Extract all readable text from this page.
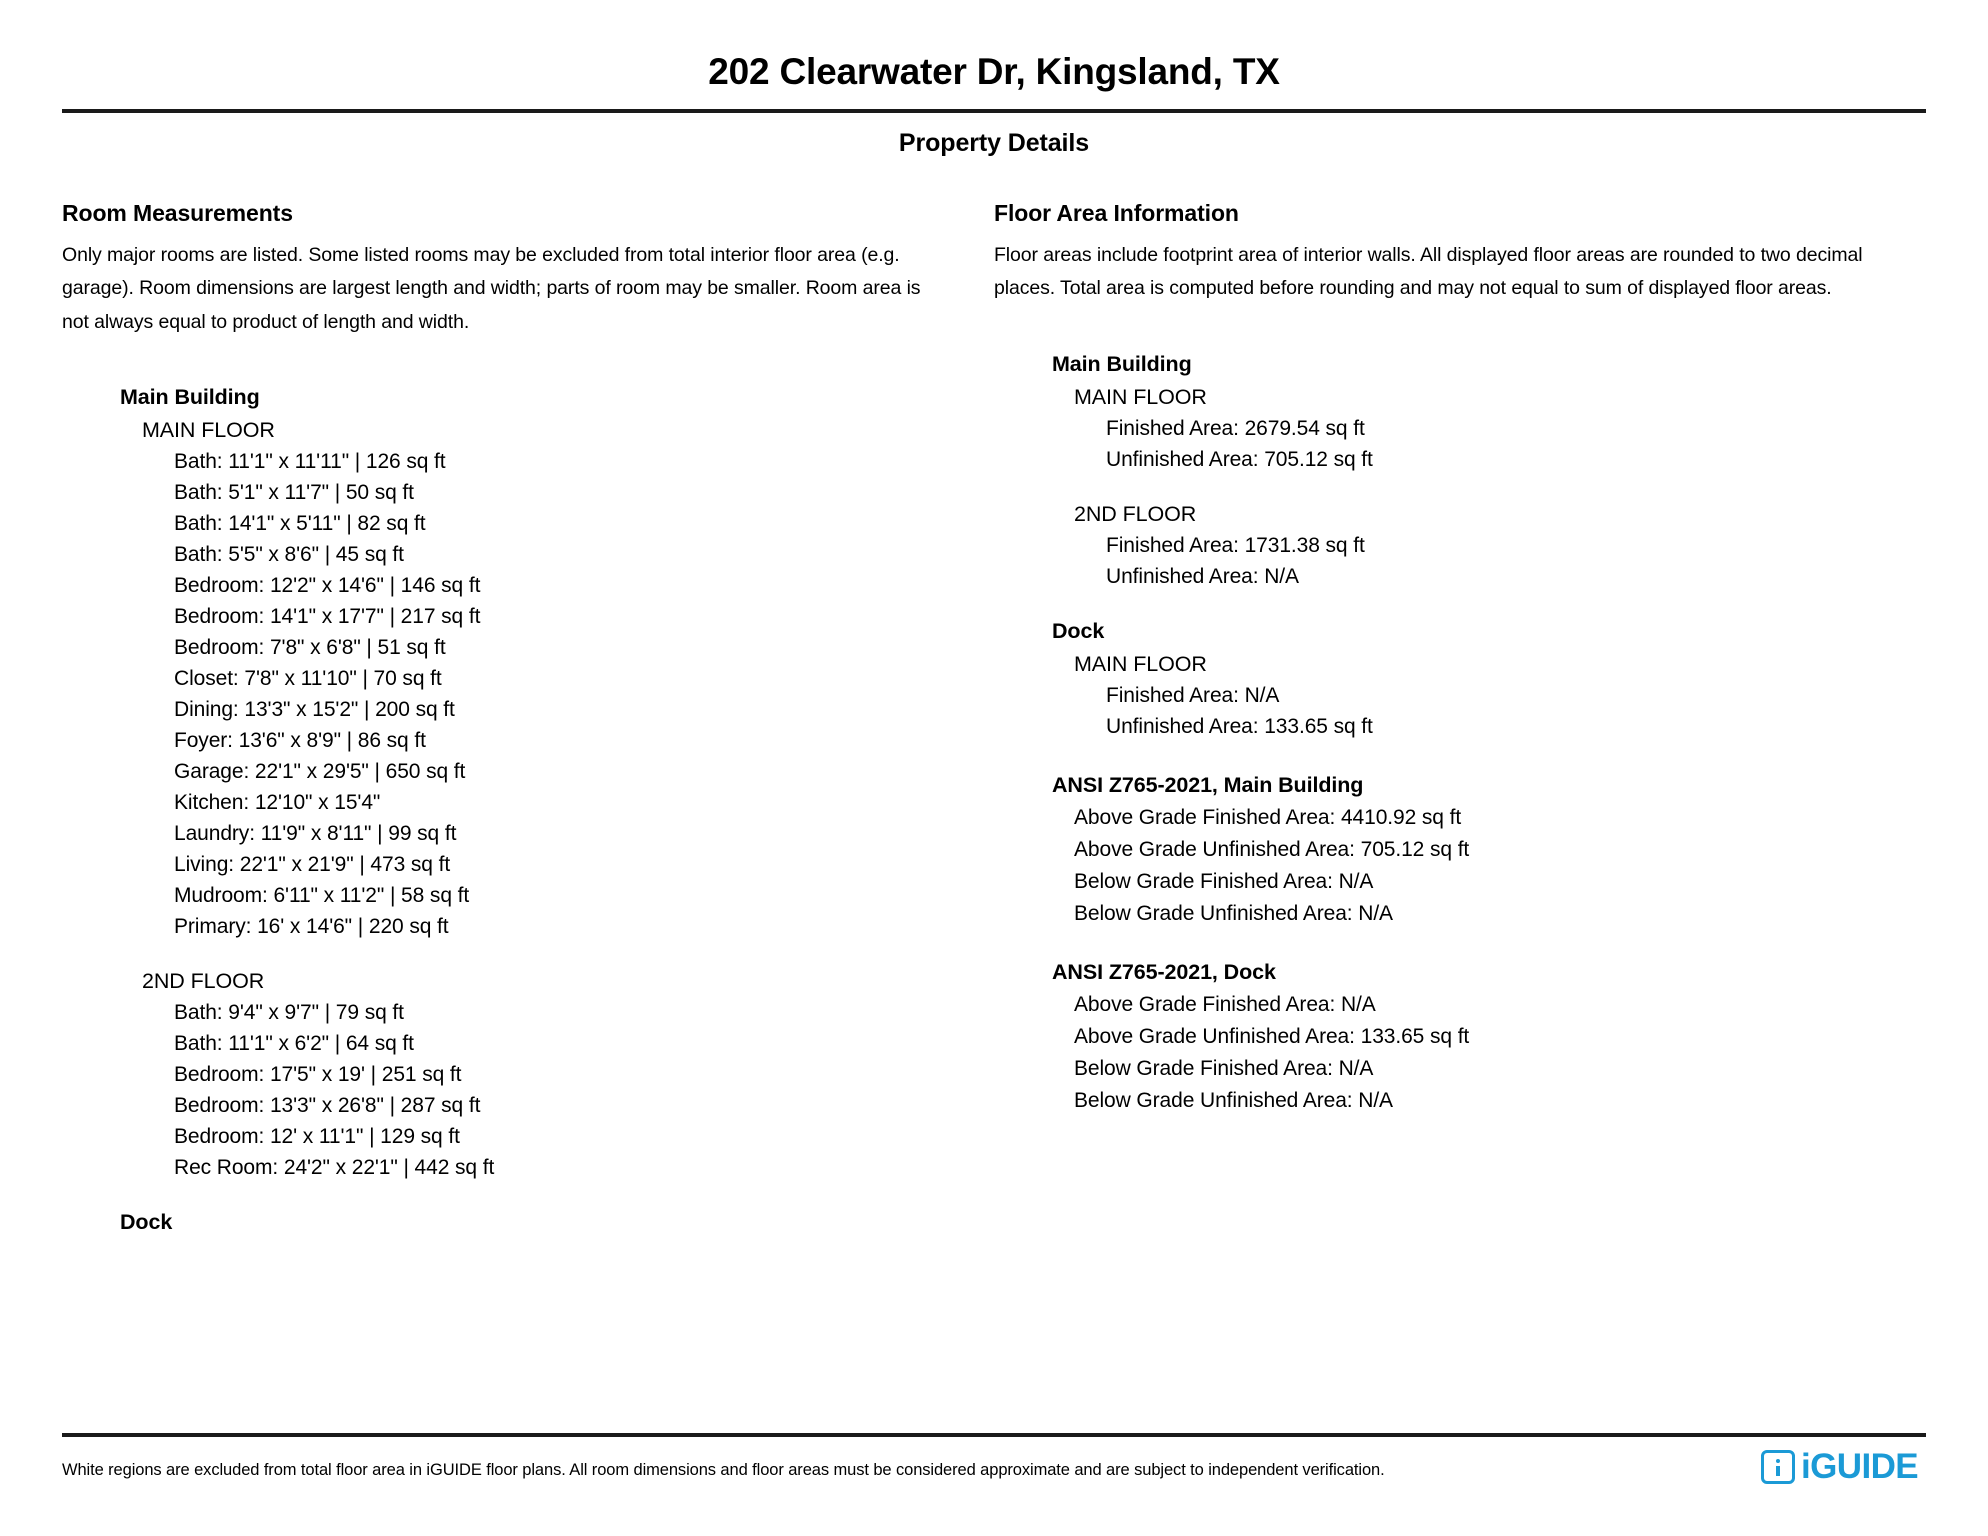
202 Clearwater Dr, Kingsland, TX
Property Details
Room Measurements

Only major rooms are listed. Some listed rooms may be excluded from total interior floor area (e.g. garage). Room dimensions are largest length and width; parts of room may be smaller. Room area is not always equal to product of length and width.

Main Building
MAIN FLOOR
Bath: 11'1" x 11'11" | 126 sq ft
Bath: 5'1" x 11'7" | 50 sq ft
Bath: 14'1" x 5'11" | 82 sq ft
Bath: 5'5" x 8'6" | 45 sq ft
Bedroom: 12'2" x 14'6" | 146 sq ft
Bedroom: 14'1" x 17'7" | 217 sq ft
Bedroom: 7'8" x 6'8" | 51 sq ft
Closet: 7'8" x 11'10" | 70 sq ft
Dining: 13'3" x 15'2" | 200 sq ft
Foyer: 13'6" x 8'9" | 86 sq ft
Garage: 22'1" x 29'5" | 650 sq ft
Kitchen: 12'10" x 15'4"
Laundry: 11'9" x 8'11" | 99 sq ft
Living: 22'1" x 21'9" | 473 sq ft
Mudroom: 6'11" x 11'2" | 58 sq ft
Primary: 16' x 14'6" | 220 sq ft
2ND FLOOR
Bath: 9'4" x 9'7" | 79 sq ft
Bath: 11'1" x 6'2" | 64 sq ft
Bedroom: 17'5" x 19' | 251 sq ft
Bedroom: 13'3" x 26'8" | 287 sq ft
Bedroom: 12' x 11'1" | 129 sq ft
Rec Room: 24'2" x 22'1" | 442 sq ft
Dock
Floor Area Information

Floor areas include footprint area of interior walls. All displayed floor areas are rounded to two decimal places. Total area is computed before rounding and may not equal to sum of displayed floor areas.

Main Building
MAIN FLOOR
Finished Area: 2679.54 sq ft
Unfinished Area: 705.12 sq ft
2ND FLOOR
Finished Area: 1731.38 sq ft
Unfinished Area: N/A
Dock
MAIN FLOOR
Finished Area: N/A
Unfinished Area: 133.65 sq ft
ANSI Z765-2021, Main Building
Above Grade Finished Area: 4410.92 sq ft
Above Grade Unfinished Area: 705.12 sq ft
Below Grade Finished Area: N/A
Below Grade Unfinished Area: N/A
ANSI Z765-2021, Dock
Above Grade Finished Area: N/A
Above Grade Unfinished Area: 133.65 sq ft
Below Grade Finished Area: N/A
Below Grade Unfinished Area: N/A
White regions are excluded from total floor area in iGUIDE floor plans. All room dimensions and floor areas must be considered approximate and are subject to independent verification.	iGUIDE
